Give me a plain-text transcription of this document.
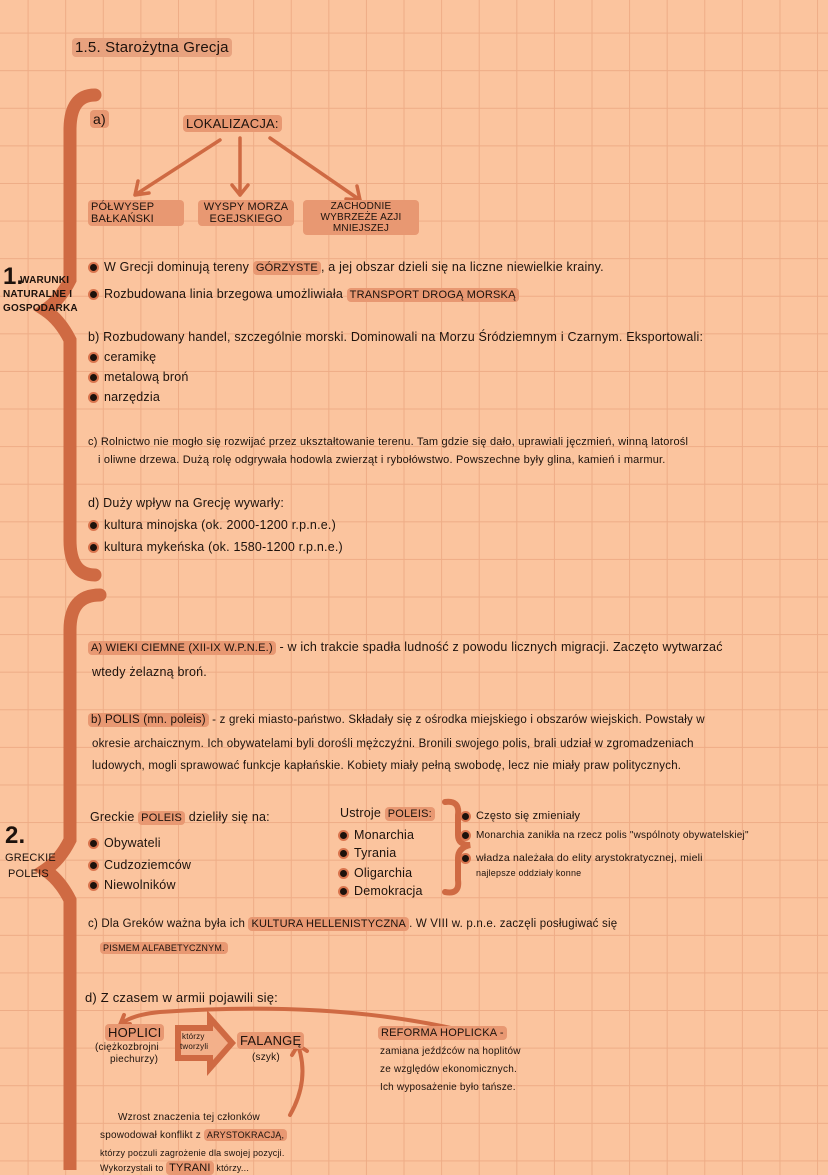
1.5. Starożytna Grecja
1.
WARUNKI
NATURALNE I
GOSPODARKA
a)	LOKALIZACJA:
PÓŁWYSEP BAŁKAŃSKI
WYSPY MORZA EGEJSKIEGO
ZACHODNIE WYBRZEŻE AZJI MNIEJSZEJ
W Grecji dominują tereny GÓRZYSTE , a jej obszar dzieli się na liczne niewielkie krainy.
Rozbudowana linia brzegowa umożliwiała TRANSPORT DROGĄ MORSKĄ
b) Rozbudowany handel, szczególnie morski. Dominowali na Morzu Śródziemnym i Czarnym. Eksportowali:
ceramikę
metalową broń
narzędzia
c) Rolnictwo nie mogło się rozwijać przez ukształtowanie terenu. Tam gdzie się dało, uprawiali jęczmień, winną latorośl
i oliwne drzewa. Dużą rolę odgrywała hodowla zwierząt i rybołówstwo. Powszechne były glina, kamień i marmur.
d) Duży wpływ na Grecję wywarły:
kultura minojska (ok. 2000-1200 r.p.n.e.)
kultura mykeńska (ok. 1580-1200 r.p.n.e.)
2.
GRECKIE
POLEIS
A) WIEKI CIEMNE (XII-IX W.P.N.E.) - w ich trakcie spadła ludność z powodu licznych migracji. Zaczęto wytwarzać
wtedy żelazną broń.
b) POLIS (mn. poleis) - z greki miasto-państwo. Składały się z ośrodka miejskiego i obszarów wiejskich. Powstały w
okresie archaicznym. Ich obywatelami byli dorośli mężczyźni. Bronili swojego polis, brali udział w zgromadzeniach
ludowych, mogli sprawować funkcje kapłańskie. Kobiety miały pełną swobodę, lecz nie miały praw politycznych.
Greckie POLEIS dzieliły się na:
Obywateli
Cudzoziemców
Niewolników
Ustroje POLEIS:
Monarchia
Tyrania
Oligarchia
Demokracja
Często się zmieniały
Monarchia zanikła na rzecz polis "wspólnoty obywatelskiej"
władza należała do elity arystokratycznej, mieli
najlepsze oddziały konne
c) Dla Greków ważna była ich KULTURA HELLENISTYCZNA . W VIII w. p.n.e. zaczęli posługiwać się
PISMEM ALFABETYCZNYM.
d) Z czasem w armii pojawili się:
HOPLICI
(ciężkozbrojni
piechurzy)
którzy
tworzyli FALANGĘ
(szyk)
REFORMA HOPLICKA -
zamiana jeźdźców na hoplitów
ze względów ekonomicznych.
Ich wyposażenie było tańsze.
Wzrost znaczenia tej członków
spowodował konflikt z ARYSTOKRACJĄ,
którzy poczuli zagrożenie dla swojej pozycji.
Wykorzystali to TYRANI którzy...
